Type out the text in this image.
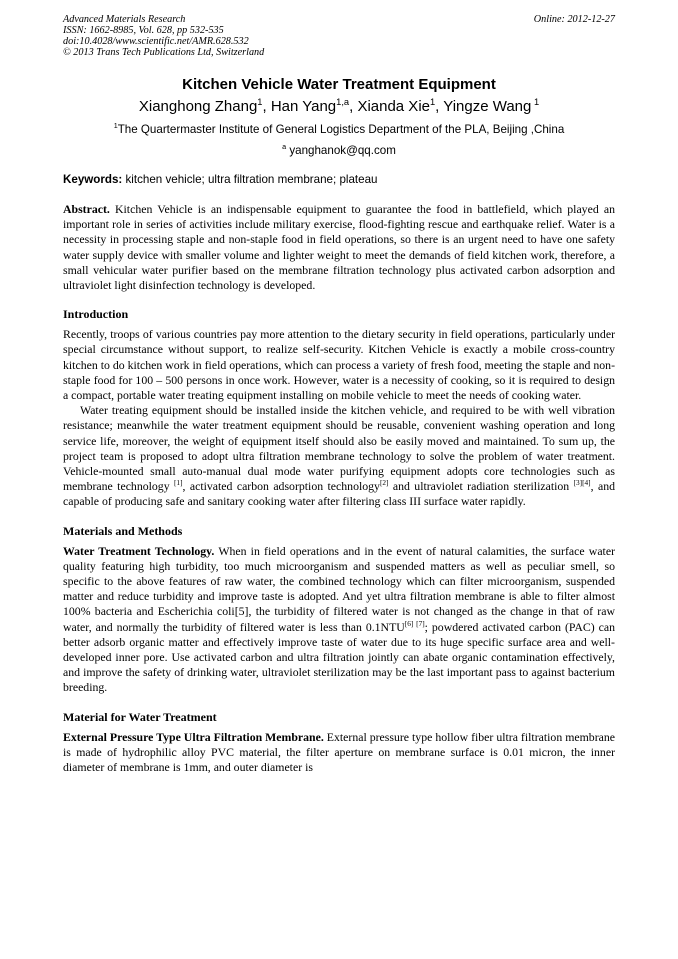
Advanced Materials Research
ISSN: 1662-8985, Vol. 628, pp 532-535
doi:10.4028/www.scientific.net/AMR.628.532
© 2013 Trans Tech Publications Ltd, Switzerland
Online: 2012-12-27
Kitchen Vehicle Water Treatment Equipment
Xianghong Zhang$^1$, Han Yang$^{1,a}$, Xianda Xie$^1$, Yingze Wang $^1$
$^1$The Quartermaster Institute of General Logistics Department of the PLA, Beijing ,China
$^a$ yanghanok@qq.com
Keywords: kitchen vehicle; ultra filtration membrane; plateau

Abstract. Kitchen Vehicle is an indispensable equipment to guarantee the food in battlefield, which played an important role in series of activities include military exercise, flood-fighting rescue and earthquake relief. Water is a necessity in processing staple and non-staple food in field operations, so there is an urgent need to have one safety water supply device with smaller volume and lighter weight to meet the demands of field kitchen work, therefore, a small vehicular water purifier based on the membrane filtration technology plus activated carbon adsorption and ultraviolet light disinfection technology is developed.

Introduction

Recently, troops of various countries pay more attention to the dietary security in field operations, particularly under special circumstance without support, to realize self-security. Kitchen Vehicle is exactly a mobile cross-country kitchen to do kitchen work in field operations, which can process a variety of fresh food, meeting the staple and non-staple food for 100 – 500 persons in once work. However, water is a necessity of cooking, so it is required to design a compact, portable water treating equipment installing on mobile vehicle to meet the needs of cooking water.

Water treating equipment should be installed inside the kitchen vehicle, and required to be with well vibration resistance; meanwhile the water treatment equipment should be reusable, convenient washing operation and long service life, moreover, the weight of equipment itself should also be easily moved and maintained. To sum up, the project team is proposed to adopt ultra filtration membrane technology to solve the problem of water treatment. Vehicle-mounted small auto-manual dual mode water purifying equipment adopts core technologies such as membrane technology [1], activated carbon adsorption technology[2] and ultraviolet radiation sterilization [3][4], and capable of producing safe and sanitary cooking water after filtering class III surface water rapidly.

Materials and Methods

Water Treatment Technology. When in field operations and in the event of natural calamities, the surface water quality featuring high turbidity, too much microorganism and suspended matters as well as peculiar smell, so specific to the above features of raw water, the combined technology which can filter microorganism, suspended matter and reduce turbidity and improve taste is adopted. And yet ultra filtration membrane is able to filter almost 100% bacteria and Escherichia coli[5], the turbidity of filtered water is not changed as the change in that of raw water, and normally the turbidity of filtered water is less than 0.1NTU[6] [7]; powdered activated carbon (PAC) can better adsorb organic matter and effectively improve taste of water due to its huge specific surface area and well-developed inner pore. Use activated carbon and ultra filtration jointly can abate organic contamination effectively, and improve the safety of drinking water, ultraviolet sterilization may be the last important pass to against bacterium breeding.

Material for Water Treatment

External Pressure Type Ultra Filtration Membrane. External pressure type hollow fiber ultra filtration membrane is made of hydrophilic alloy PVC material, the filter aperture on membrane surface is 0.01 micron, the inner diameter of membrane is 1mm, and outer diameter is
